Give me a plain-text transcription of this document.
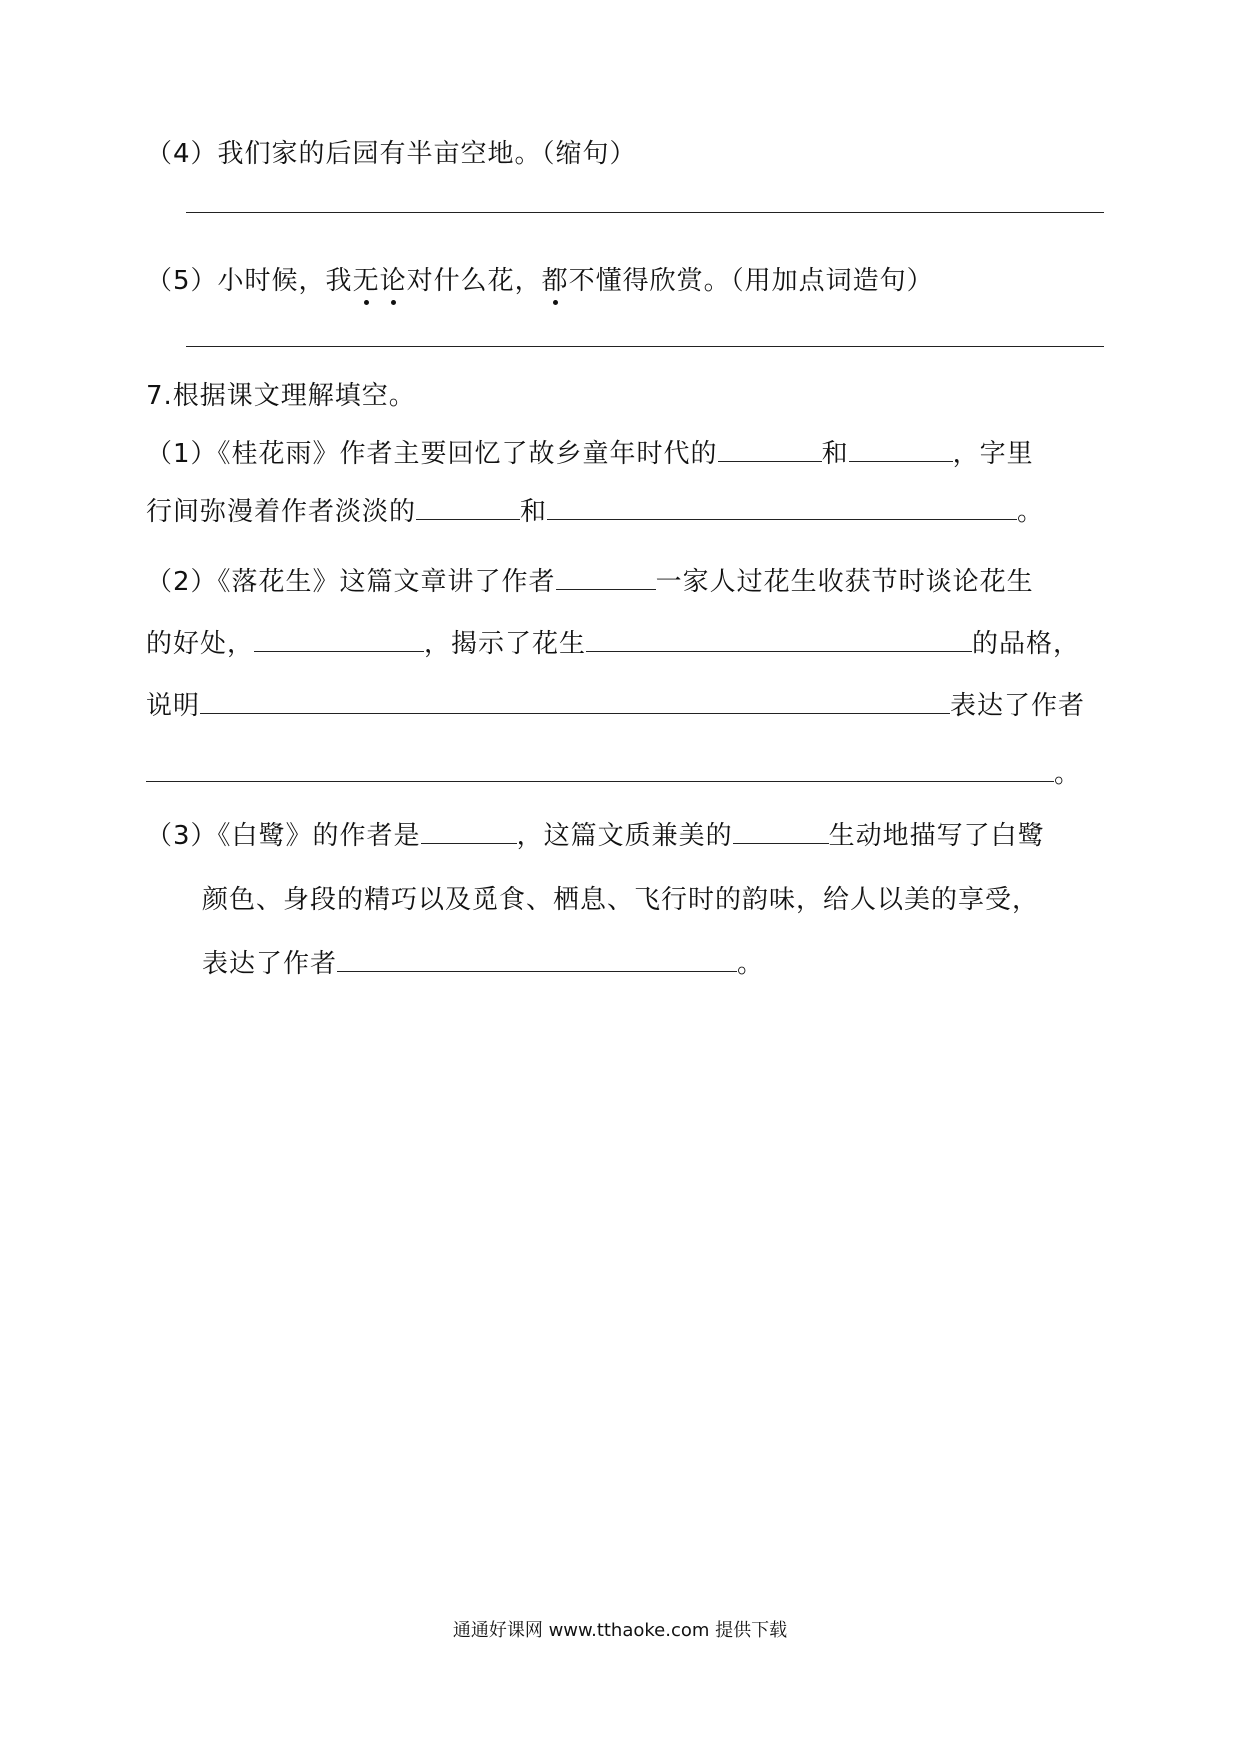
（4）我们家的后园有半亩空地。（缩句）
（5）小时候，我无论对什么花，都不懂得欣赏。（用加点词造句）
7.根据课文理解填空。
（1）《桂花雨》作者主要回忆了故乡童年时代的	和	，字里
行间弥漫着作者淡淡的	和	。
（2）《落花生》这篇文章讲了作者	一家人过花生收获节时谈论花生
的好处，	，揭示了花生	的品格，
说明	表达了作者
。
（3）《白鹭》的作者是	，这篇文质兼美的	生动地描写了白鹭
颜色、身段的精巧以及觅食、栖息、飞行时的韵味，给人以美的享受，
表达了作者	。
通通好课网 www.tthaoke.com 提供下载
